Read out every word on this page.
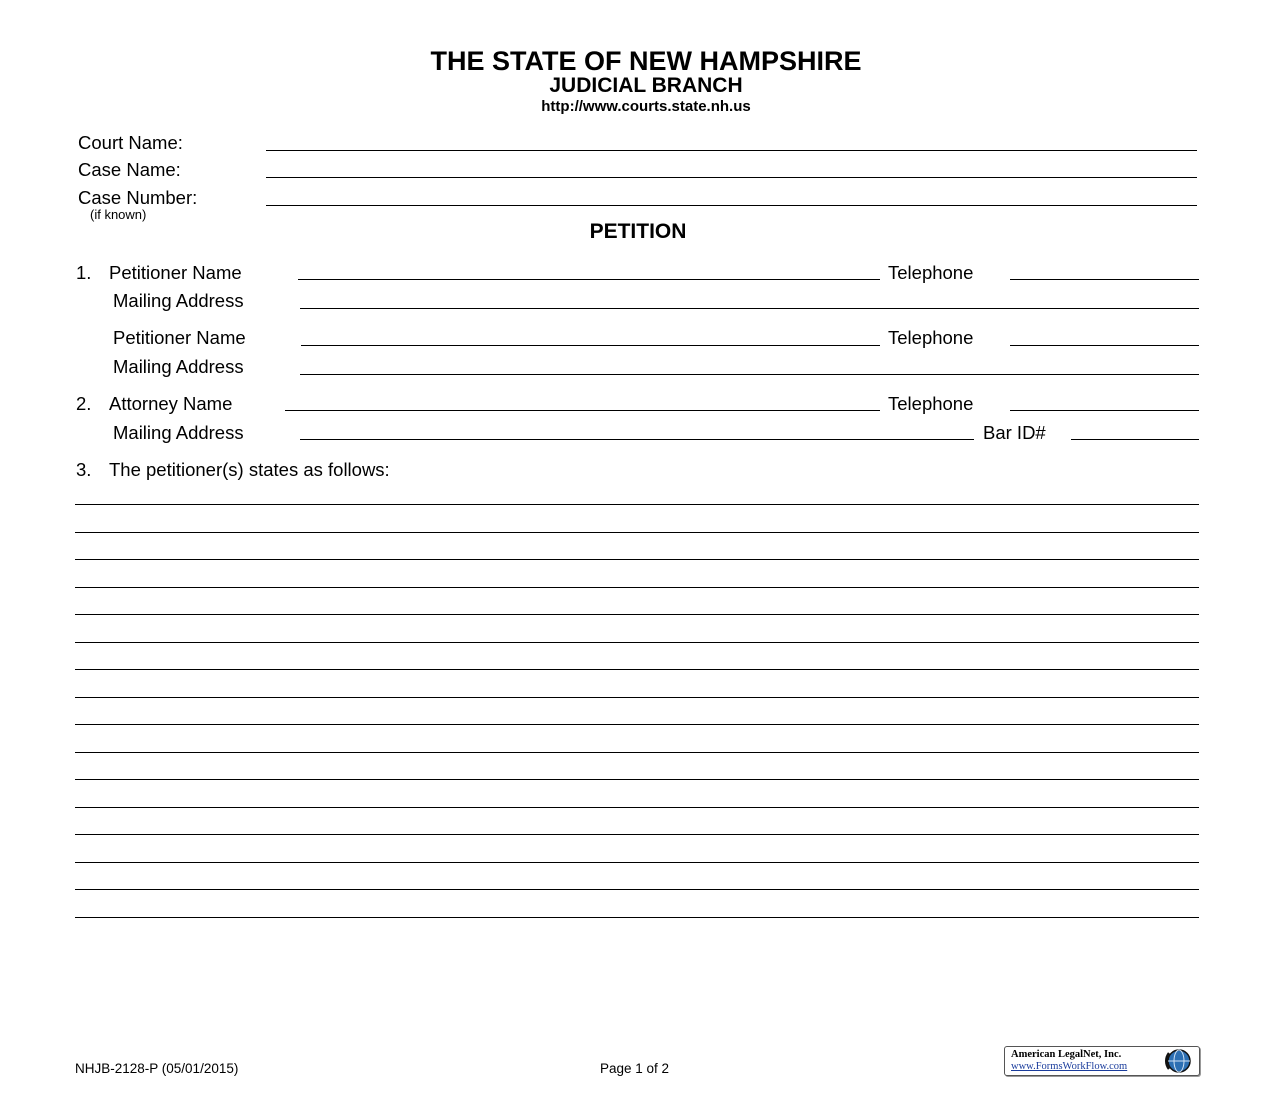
THE STATE OF NEW HAMPSHIRE
JUDICIAL BRANCH
http://www.courts.state.nh.us
Court Name:
Case Name:
Case Number:
(if known)
PETITION
1. Petitioner Name	Telephone
Mailing Address
Petitioner Name	Telephone
Mailing Address
2. Attorney Name	Telephone
Mailing Address	Bar ID#
3. The petitioner(s) states as follows:
NHJB-2128-P (05/01/2015)	Page 1 of 2
American LegalNet, Inc.
www.FormsWorkFlow.com
